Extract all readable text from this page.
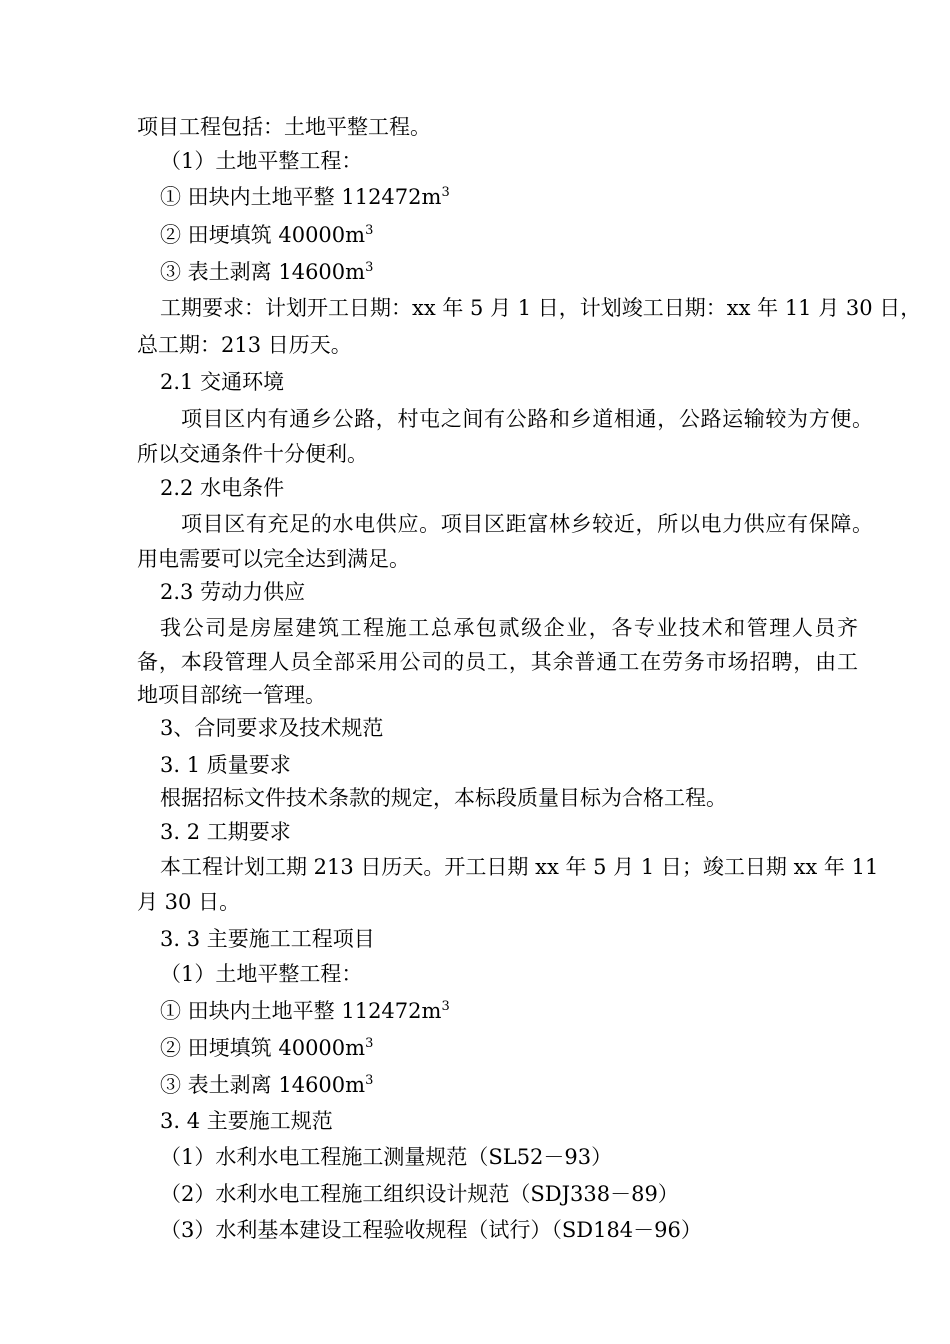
项目工程包括：土地平整工程。
（1）土地平整工程：
① 田块内土地平整 $112472m^3$
② 田埂填筑 $40000m^3$
③ 表土剥离 $14600m^3$
工期要求：计划开工日期：xx 年 5 月 1 日，计划竣工日期：xx 年 11 月 30 日，
总工期：213 日历天。
2.1 交通环境
项目区内有通乡公路，村屯之间有公路和乡道相通，公路运输较为方便。
所以交通条件十分便利。
2.2 水电条件
项目区有充足的水电供应。项目区距富林乡较近，所以电力供应有保障。
用电需要可以完全达到满足。
2.3 劳动力供应
我公司是房屋建筑工程施工总承包贰级企业，各专业技术和管理人员齐
备，本段管理人员全部采用公司的员工，其余普通工在劳务市场招聘，由工
地项目部统一管理。
3、合同要求及技术规范
3. 1 质量要求
根据招标文件技术条款的规定，本标段质量目标为合格工程。
3. 2 工期要求
本工程计划工期 213 日历天。开工日期 xx 年 5 月 1 日；竣工日期 xx 年 11
月 30 日。
3. 3 主要施工工程项目
（1）土地平整工程：
① 田块内土地平整 $112472m^3$
② 田埂填筑 $40000m^3$
③ 表土剥离 $14600m^3$
3. 4 主要施工规范
（1）水利水电工程施工测量规范（SL52－93）
（2）水利水电工程施工组织设计规范（SDJ338－89）
（3）水利基本建设工程验收规程（试行）（SD184－96）
